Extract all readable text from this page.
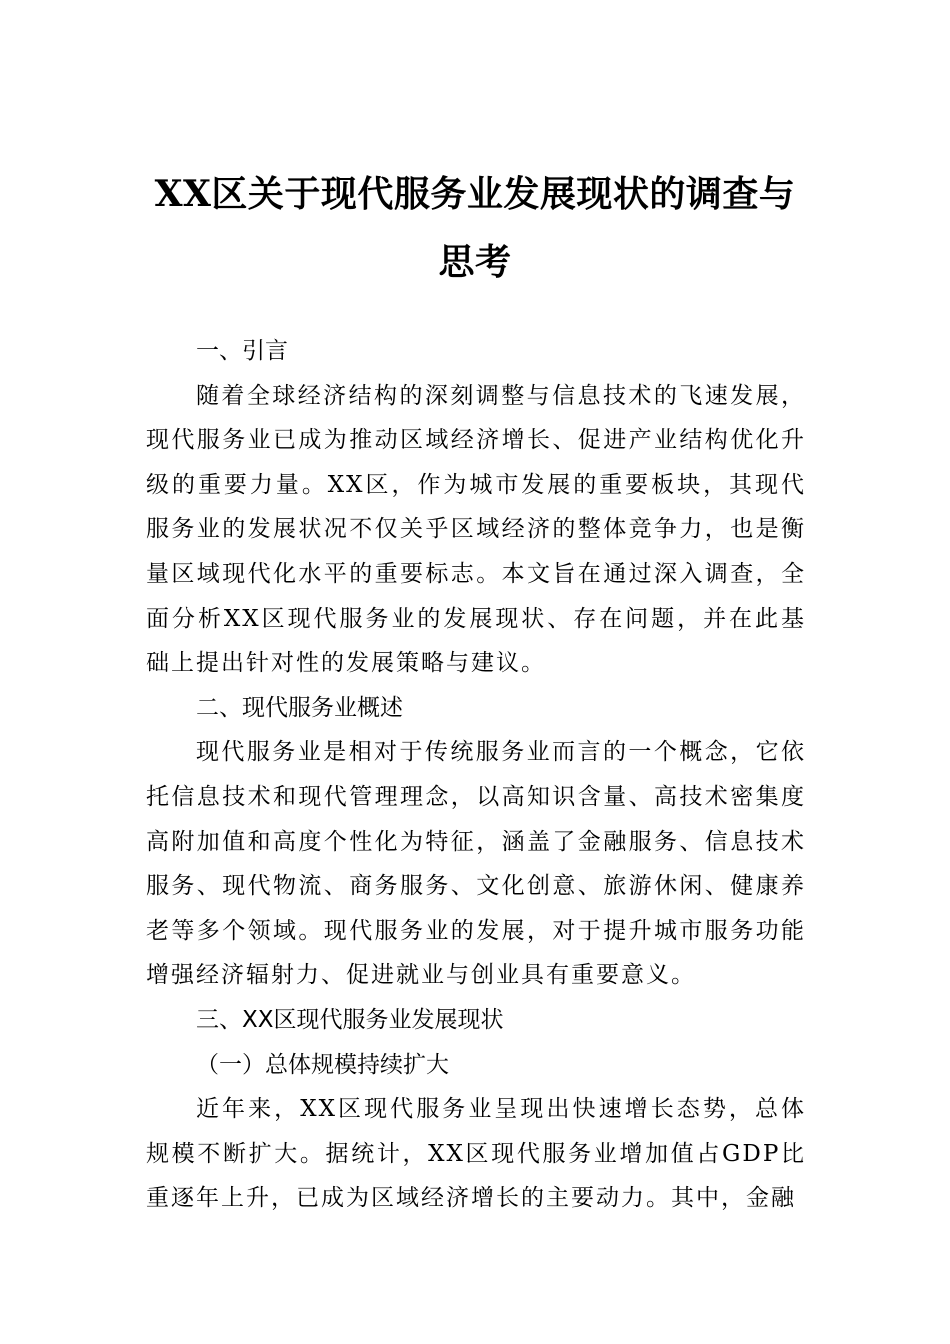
XX区关于现代服务业发展现状的调查与思考

一、引言

随着全球经济结构的深刻调整与信息技术的飞速发展，现代服务业已成为推动区域经济增长、促进产业结构优化升级的重要力量。XX区，作为城市发展的重要板块，其现代服务业的发展状况不仅关乎区域经济的整体竞争力，也是衡量区域现代化水平的重要标志。本文旨在通过深入调查，全面分析XX区现代服务业的发展现状、存在问题，并在此基础上提出针对性的发展策略与建议。

二、现代服务业概述

现代服务业是相对于传统服务业而言的一个概念，它依托信息技术和现代管理理念，以高知识含量、高技术密集度高附加值和高度个性化为特征，涵盖了金融服务、信息技术服务、现代物流、商务服务、文化创意、旅游休闲、健康养老等多个领域。现代服务业的发展，对于提升城市服务功能增强经济辐射力、促进就业与创业具有重要意义。

三、XX区现代服务业发展现状

（一）总体规模持续扩大

近年来，XX区现代服务业呈现出快速增长态势，总体规模不断扩大。据统计，XX区现代服务业增加值占GDP比重逐年上升，已成为区域经济增长的主要动力。其中，金融
